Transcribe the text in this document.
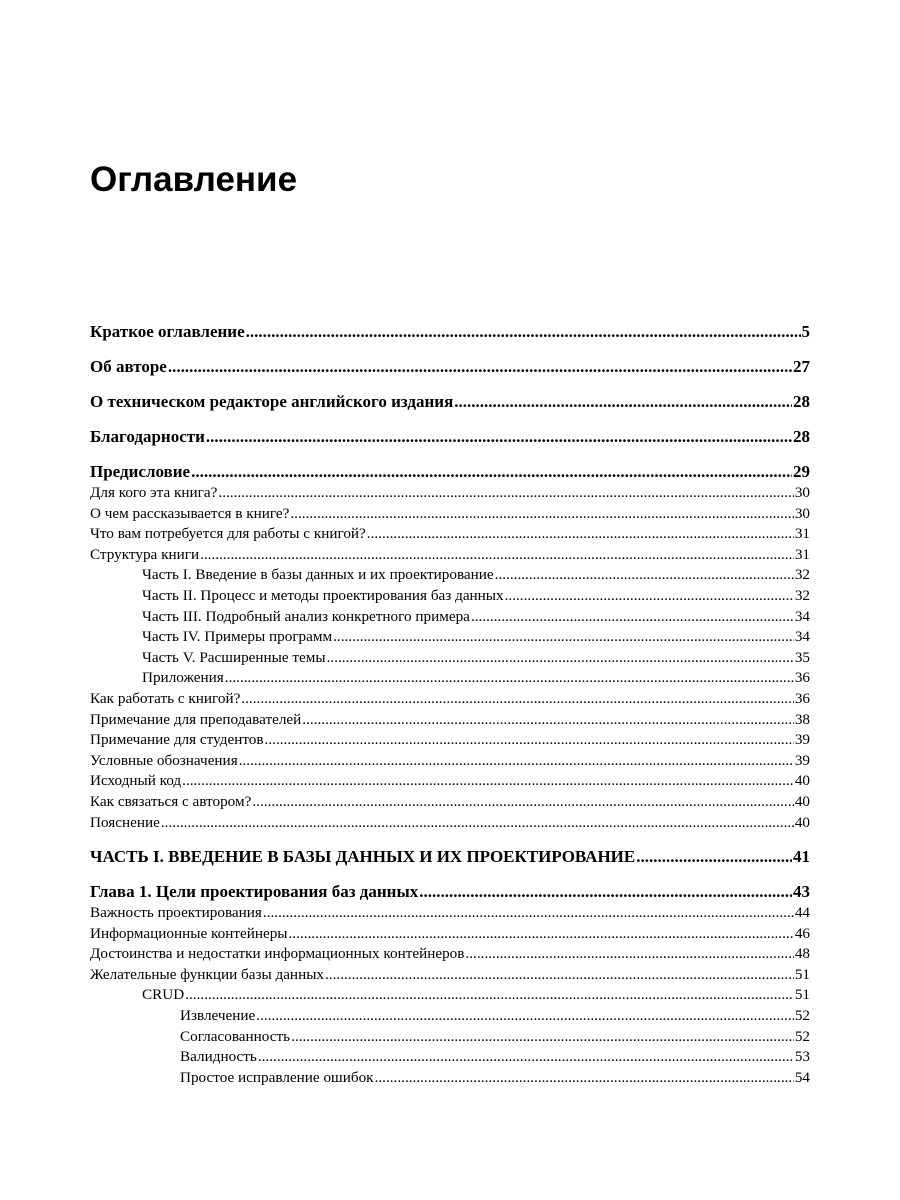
Оглавление
Краткое оглавление .....	5
Об авторе .....	27
О техническом редакторе английского издания .....	28
Благодарности .....	28
Предисловие .....	29
Для кого эта книга? .....	30
О чем рассказывается в книге? .....	30
Что вам потребуется для работы с книгой? .....	31
Структура книги .....	31
Часть I. Введение в базы данных и их проектирование .....	32
Часть II. Процесс и методы проектирования баз данных .....	32
Часть III. Подробный анализ конкретного примера .....	34
Часть IV. Примеры программ .....	34
Часть V. Расширенные темы .....	35
Приложения .....	36
Как работать с книгой? .....	36
Примечание для преподавателей .....	38
Примечание для студентов .....	39
Условные обозначения .....	39
Исходный код .....	40
Как связаться с автором? .....	40
Пояснение .....	40
ЧАСТЬ I. ВВЕДЕНИЕ В БАЗЫ ДАННЫХ И ИХ ПРОЕКТИРОВАНИЕ .....	41
Глава 1. Цели проектирования баз данных .....	43
Важность проектирования .....	44
Информационные контейнеры .....	46
Достоинства и недостатки информационных контейнеров .....	48
Желательные функции базы данных .....	51
CRUD .....	51
Извлечение .....	52
Согласованность .....	52
Валидность .....	53
Простое исправление ошибок .....	54
